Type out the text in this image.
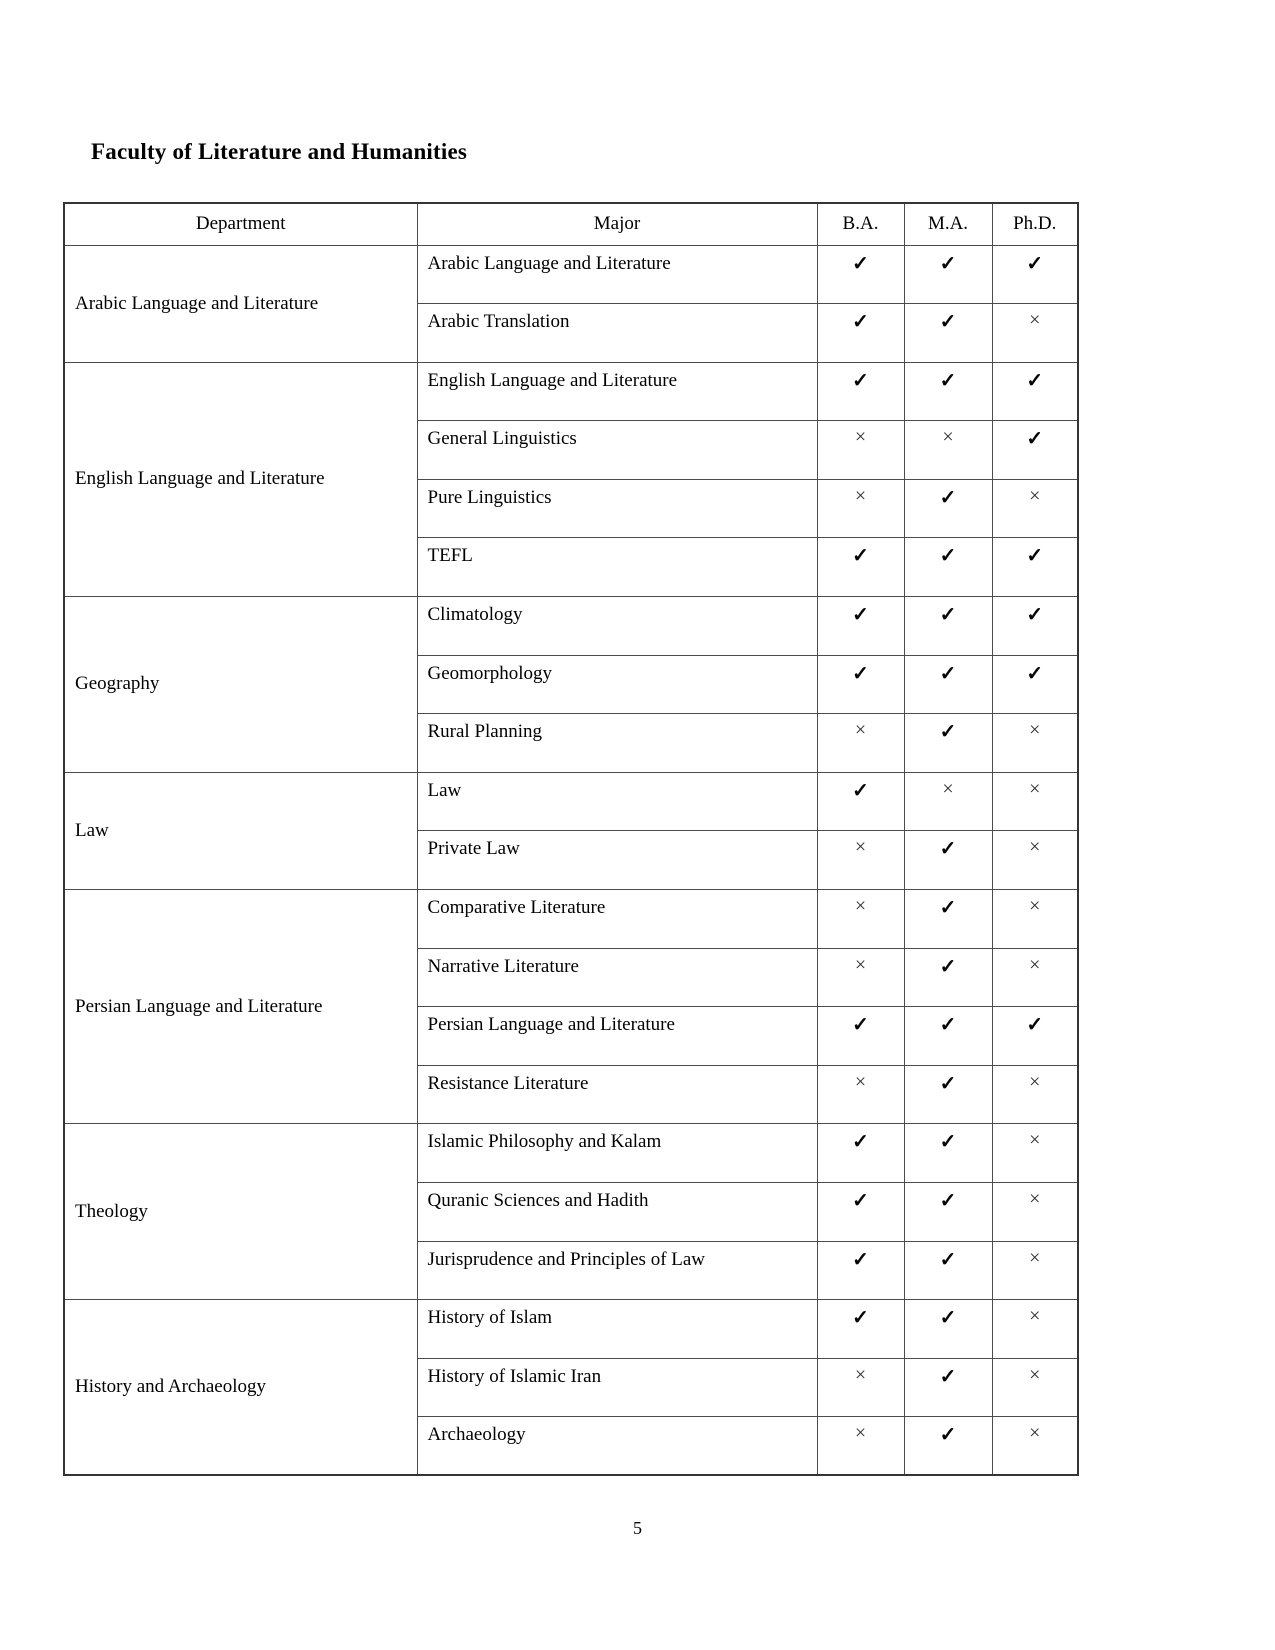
Faculty of Literature and Humanities
Department	Major	B.A.	M.A.	Ph.D.
Arabic Language and Literature	Arabic Language and Literature	✓	✓	✓
	Arabic Translation	✓	✓	×
English Language and Literature	English Language and Literature	✓	✓	✓
	General Linguistics	×	×	✓
	Pure Linguistics	×	✓	×
	TEFL	✓	✓	✓
Geography	Climatology	✓	✓	✓
	Geomorphology	✓	✓	✓
	Rural Planning	×	✓	×
Law	Law	✓	×	×
	Private Law	×	✓	×
Persian Language and Literature	Comparative Literature	×	✓	×
	Narrative Literature	×	✓	×
	Persian Language and Literature	✓	✓	✓
	Resistance Literature	×	✓	×
Theology	Islamic Philosophy and Kalam	✓	✓	×
	Quranic Sciences and Hadith	✓	✓	×
	Jurisprudence and Principles of Law	✓	✓	×
History and Archaeology	History of Islam	✓	✓	×
	History of Islamic Iran	×	✓	×
	Archaeology	×	✓	×
5
